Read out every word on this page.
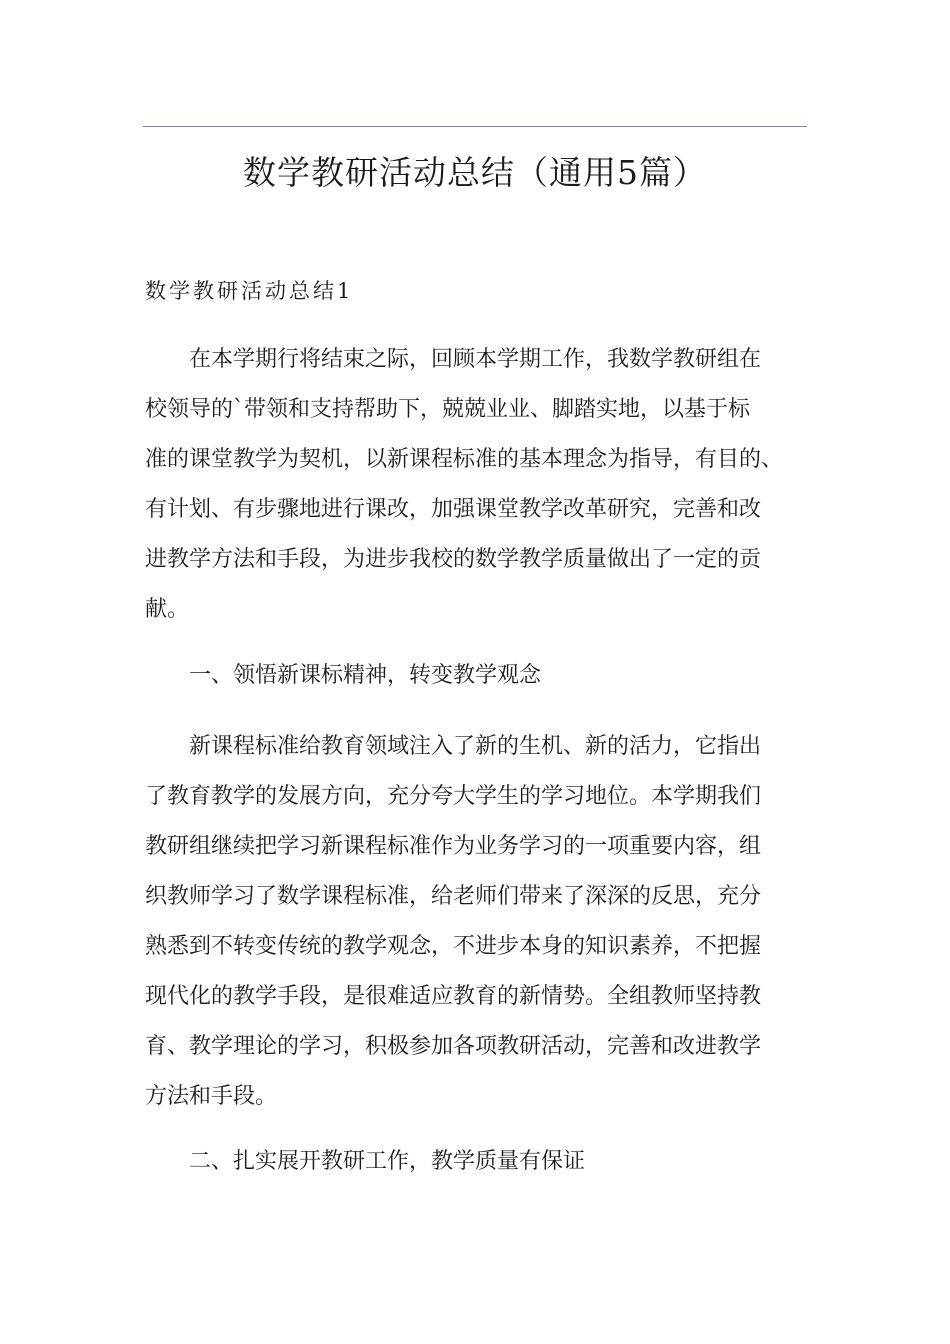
数学教研活动总结（通用5篇）
数学教研活动总结1
在本学期行将结束之际，回顾本学期工作，我数学教研组在
校领导的`带领和支持帮助下，兢兢业业、脚踏实地，以基于标
准的课堂教学为契机，以新课程标准的基本理念为指导，有目的、
有计划、有步骤地进行课改，加强课堂教学改革研究，完善和改
进教学方法和手段，为进步我校的数学教学质量做出了一定的贡
献。
一、领悟新课标精神，转变教学观念
新课程标准给教育领域注入了新的生机、新的活力，它指出
了教育教学的发展方向，充分夸大学生的学习地位。本学期我们
教研组继续把学习新课程标准作为业务学习的一项重要内容，组
织教师学习了数学课程标准，给老师们带来了深深的反思，充分
熟悉到不转变传统的教学观念，不进步本身的知识素养，不把握
现代化的教学手段，是很难适应教育的新情势。全组教师坚持教
育、教学理论的学习，积极参加各项教研活动，完善和改进教学
方法和手段。
二、扎实展开教研工作，教学质量有保证
